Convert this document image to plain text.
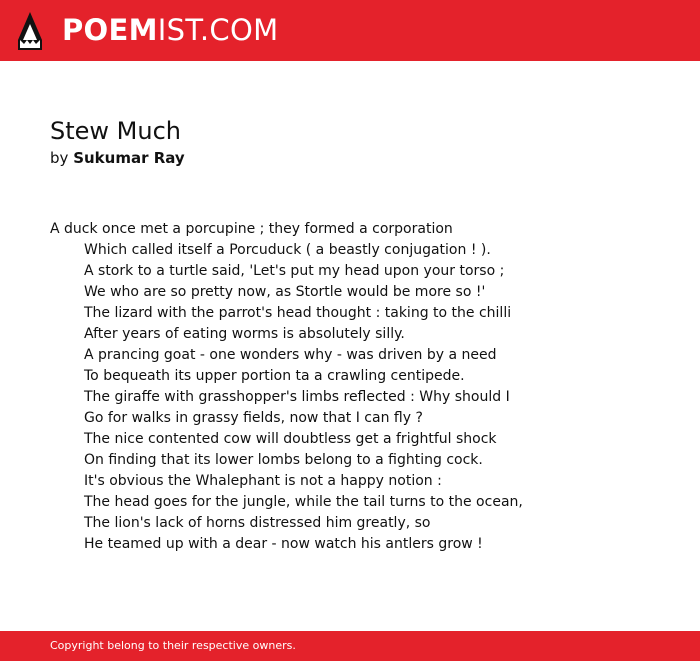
POEMIST.COM
Stew Much
by Sukumar Ray
A duck once met a porcupine ; they formed a corporation
Which called itself a Porcuduck ( a beastly conjugation ! ).
A stork to a turtle said, 'Let's put my head upon your torso ;
We who are so pretty now, as Stortle would be more so !'
The lizard with the parrot's head thought : taking to the chilli
After years of eating worms is absolutely silly.
A prancing goat - one wonders why - was driven by a need
To bequeath its upper portion ta a crawling centipede.
The giraffe with grasshopper's limbs reflected : Why should I
Go for walks in grassy fields, now that I can fly ?
The nice contented cow will doubtless get a frightful shock
On finding that its lower lombs belong to a fighting cock.
It's obvious the Whalephant is not a happy notion :
The head goes for the jungle, while the tail turns to the ocean,
The lion's lack of horns distressed him greatly, so
He teamed up with a dear - now watch his antlers grow !
Copyright belong to their respective owners.
